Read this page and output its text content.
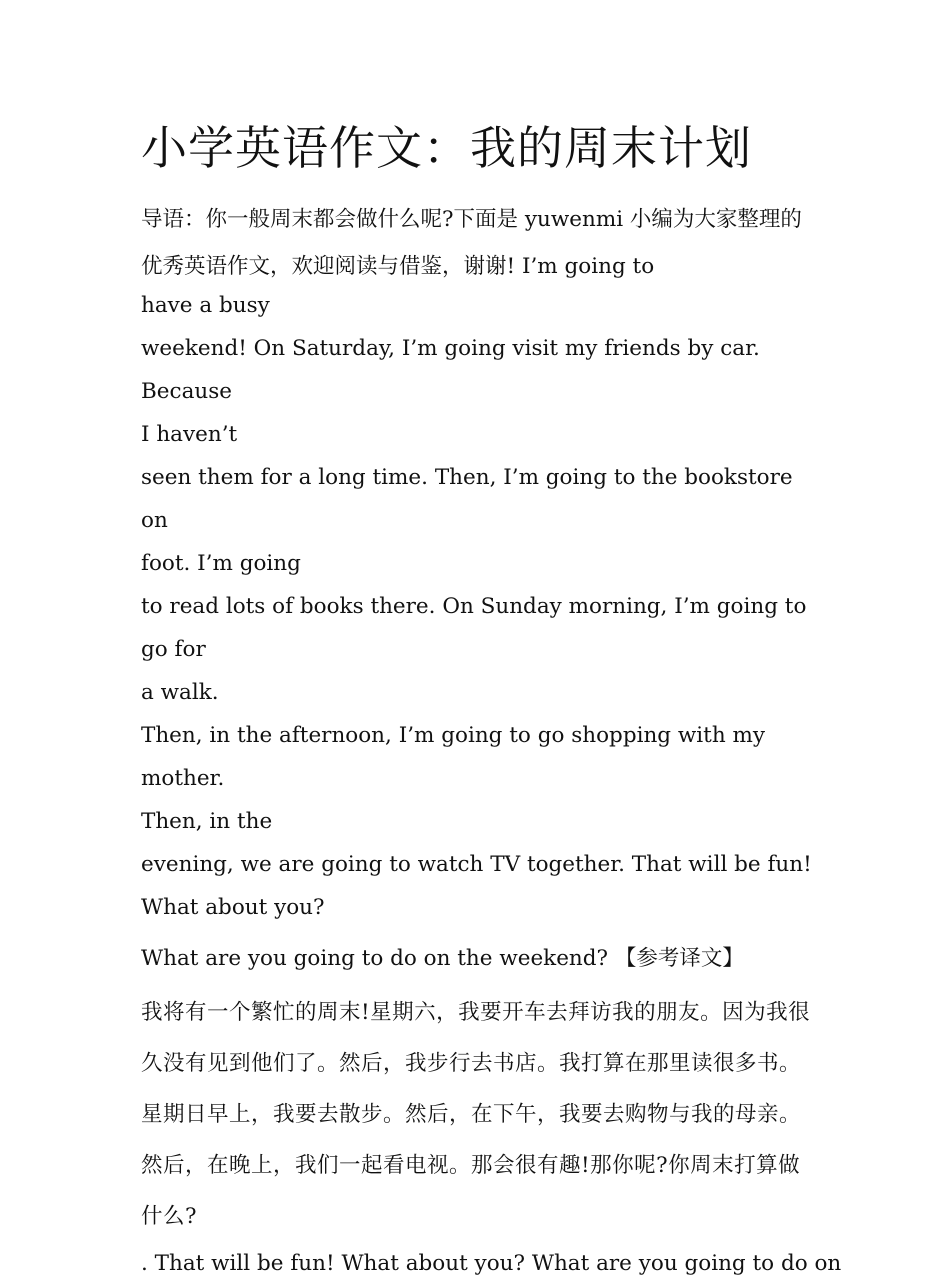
小学英语作文：我的周末计划

导语：你一般周末都会做什么呢?下面是 yuwenmi 小编为大家整理的优秀英语作文，欢迎阅读与借鉴，谢谢! I’m going to

have a busy
weekend! On Saturday, I’m going visit my friends by car. Because
I haven’t
seen them for a long time. Then, I’m going to the bookstore on
foot. I’m going
to read lots of books there. On Sunday morning, I’m going to go for
a walk.
Then, in the afternoon, I’m going to go shopping with my mother.
Then, in the
evening, we are going to watch TV together. That will be fun!
What about you?

What are you going to do on the weekend? 【参考译文】

我将有一个繁忙的周末!星期六，我要开车去拜访我的朋友。因为我很久没有见到他们了。然后，我步行去书店。我打算在那里读很多书。星期日早上，我要去散步。然后，在下午，我要去购物与我的母亲。然后，在晚上，我们一起看电视。那会很有趣!那你呢?你周末打算做什么?

. That will be fun! What about you? What are you going to do on
